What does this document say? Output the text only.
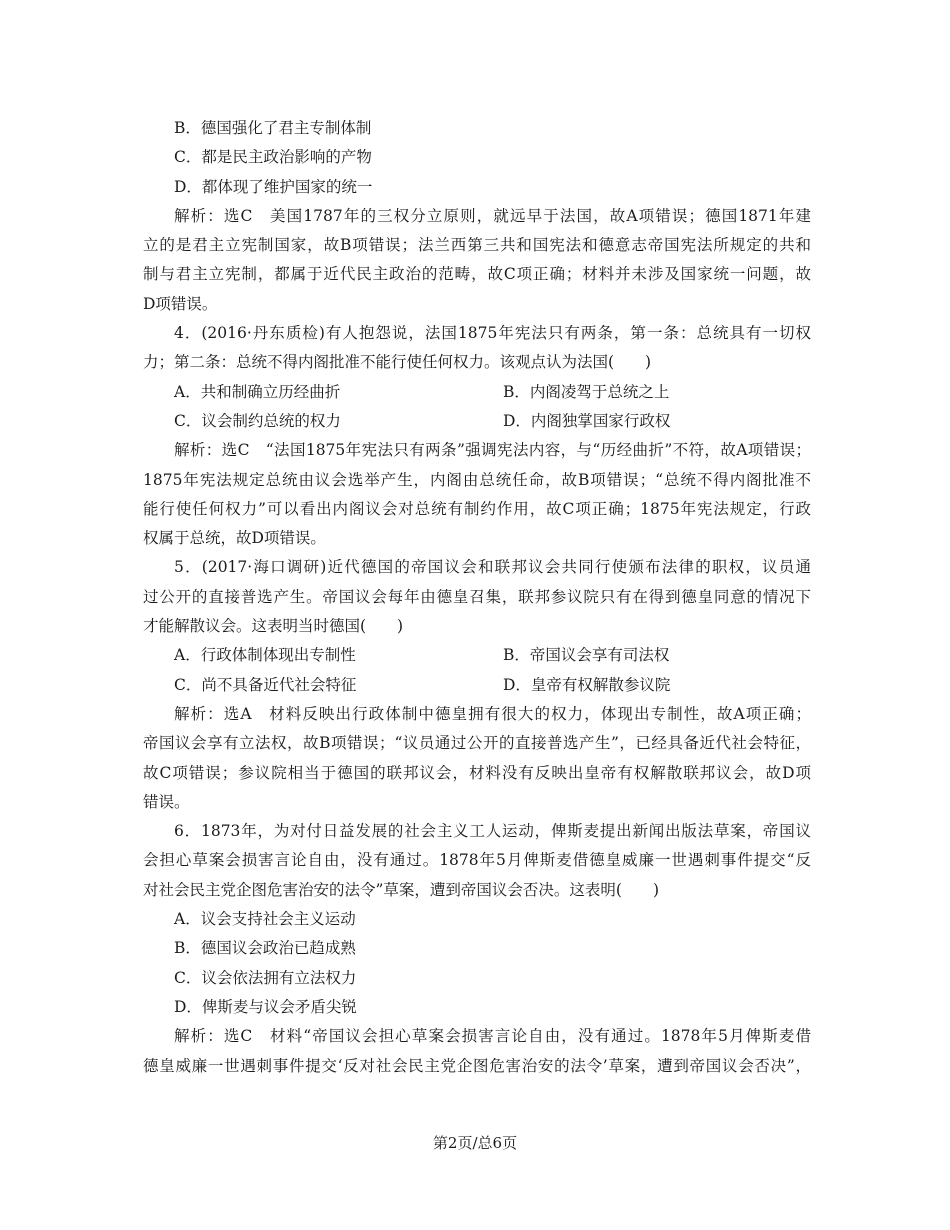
B．德国强化了君主专制体制
C．都是民主政治影响的产物
D．都体现了维护国家的统一
解析：选C　美国1787年的三权分立原则，就远早于法国，故A项错误；德国1871年建
立的是君主立宪制国家，故B项错误；法兰西第三共和国宪法和德意志帝国宪法所规定的共和
制与君主立宪制，都属于近代民主政治的范畴，故C项正确；材料并未涉及国家统一问题，故
D项错误。
4．(2016·丹东质检)有人抱怨说，法国1875年宪法只有两条，第一条：总统具有一切权
力；第二条：总统不得内阁批准不能行使任何权力。该观点认为法国(　　)
A．共和制确立历经曲折	B．内阁凌驾于总统之上
C．议会制约总统的权力	D．内阁独掌国家行政权
解析：选C　“法国1875年宪法只有两条”强调宪法内容，与“历经曲折”不符，故A项错误；
1875年宪法规定总统由议会选举产生，内阁由总统任命，故B项错误；“总统不得内阁批准不
能行使任何权力”可以看出内阁议会对总统有制约作用，故C项正确；1875年宪法规定，行政
权属于总统，故D项错误。
5．(2017·海口调研)近代德国的帝国议会和联邦议会共同行使颁布法律的职权，议员通
过公开的直接普选产生。帝国议会每年由德皇召集，联邦参议院只有在得到德皇同意的情况下
才能解散议会。这表明当时德国(　　)
A．行政体制体现出专制性	B．帝国议会享有司法权
C．尚不具备近代社会特征	D．皇帝有权解散参议院
解析：选A　材料反映出行政体制中德皇拥有很大的权力，体现出专制性，故A项正确；
帝国议会享有立法权，故B项错误；“议员通过公开的直接普选产生”，已经具备近代社会特征，
故C项错误；参议院相当于德国的联邦议会，材料没有反映出皇帝有权解散联邦议会，故D项
错误。
6．1873年，为对付日益发展的社会主义工人运动，俾斯麦提出新闻出版法草案，帝国议
会担心草案会损害言论自由，没有通过。1878年5月俾斯麦借德皇威廉一世遇刺事件提交“反
对社会民主党企图危害治安的法令”草案，遭到帝国议会否决。这表明(　　)
A．议会支持社会主义运动
B．德国议会政治已趋成熟
C．议会依法拥有立法权力
D．俾斯麦与议会矛盾尖锐
解析：选C　材料“帝国议会担心草案会损害言论自由，没有通过。1878年5月俾斯麦借
德皇威廉一世遇刺事件提交‘反对社会民主党企图危害治安的法令’草案，遭到帝国议会否决”，
第2页/总6页
